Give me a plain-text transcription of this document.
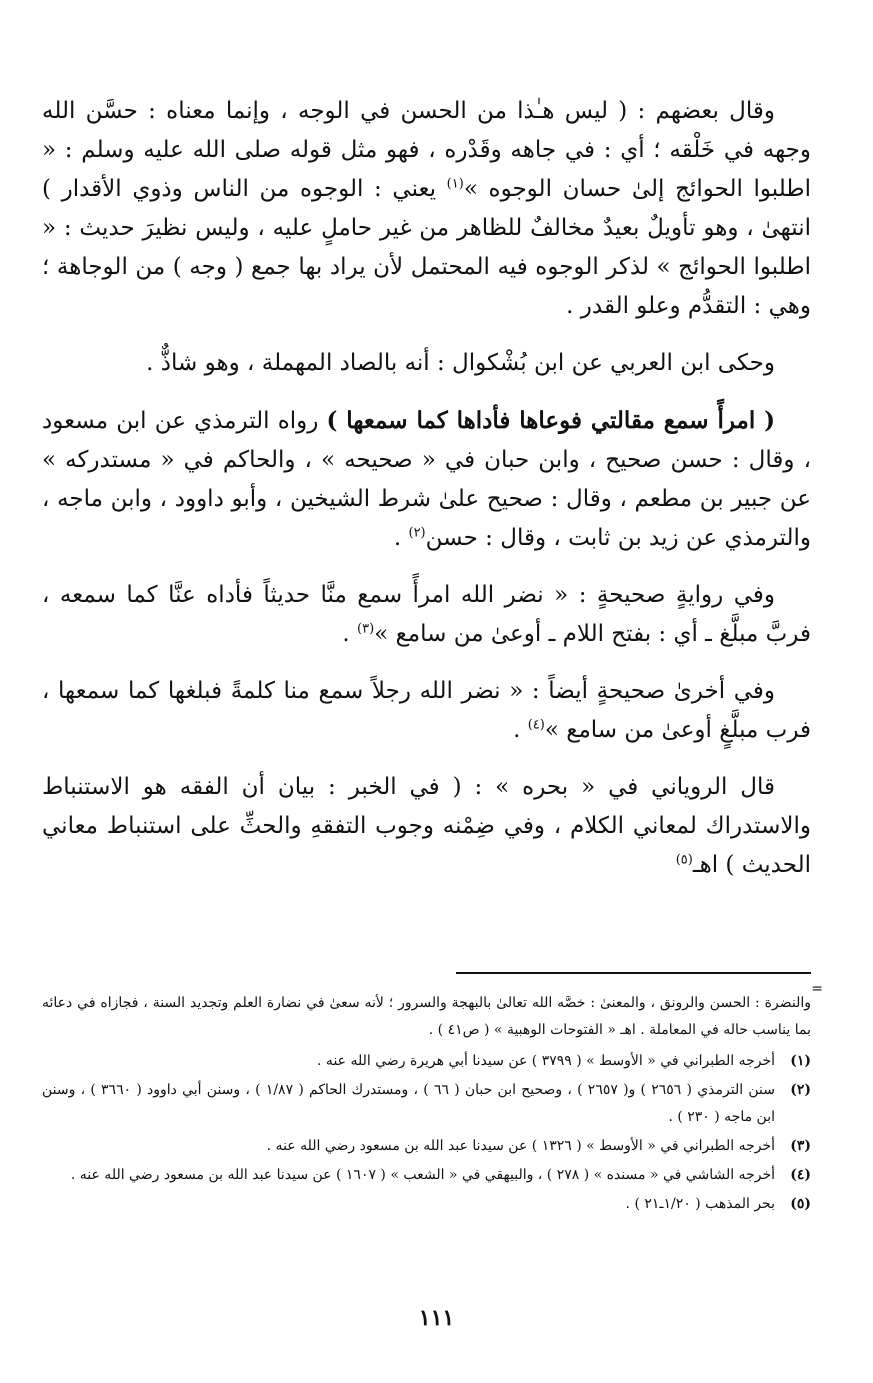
وقال بعضهم : ( ليس هـٰذا من الحسن في الوجه ، وإنما معناه : حسَّن الله وجهه في خَلْقه ؛ أي : في جاهه وقَدْره ، فهو مثل قوله صلى الله عليه وسلم : « اطلبوا الحوائج إلىٰ حسان الوجوه »$^{(١)}$ يعني : الوجوه من الناس وذوي الأقدار ) انتهىٰ ، وهو تأويلٌ بعيدٌ مخالفٌ للظاهر من غير حاملٍ عليه ، وليس نظيرَ حديث : « اطلبوا الحوائج » لذكر الوجوه فيه المحتمل لأن يراد بها جمع ( وجه ) من الوجاهة ؛ وهي : التقدُّم وعلو القدر .

وحكى ابن العربي عن ابن بُشْكوال : أنه بالصاد المهملة ، وهو شاذٌّ .

( امرأً سمع مقالتي فوعاها فأداها كما سمعها ) رواه الترمذي عن ابن مسعود ، وقال : حسن صحيح ، وابن حبان في « صحيحه » ، والحاكم في « مستدركه » عن جبير بن مطعم ، وقال : صحيح علىٰ شرط الشيخين ، وأبو داوود ، وابن ماجه ، والترمذي عن زيد بن ثابت ، وقال : حسن$^{(٢)}$ .

وفي روايةٍ صحيحةٍ : « نضر الله امرأً سمع منَّا حديثاً فأداه عنَّا كما سمعه ، فربَّ مبلَّغ ـ أي : بفتح اللام ـ أوعىٰ من سامع »$^{(٣)}$ .

وفي أخرىٰ صحيحةٍ أيضاً : « نضر الله رجلاً سمع منا كلمةً فبلغها كما سمعها ، فرب مبلَّغٍ أوعىٰ من سامع »$^{(٤)}$ .

قال الروياني في « بحره » : ( في الخبر : بيان أن الفقه هو الاستنباط والاستدراك لمعاني الكلام ، وفي ضِمْنه وجوب التفقهِ والحثِّ على استنباط معاني الحديث ) اهـ$^{(٥)}$

=
والنضرة : الحسن والرونق ، والمعنىٰ : خصَّه الله تعالىٰ بالبهجة والسرور ؛ لأنه سعىٰ في نضارة العلم وتجديد السنة ، فجازاه في دعائه بما يناسب حاله في المعاملة . اهـ « الفتوحات الوهبية » ( ص٤١ ) .
(١)
أخرجه الطبراني في « الأوسط » ( ٣٧٩٩ ) عن سيدنا أبي هريرة رضي الله عنه .
(٢)
سنن الترمذي ( ٢٦٥٦ ) و( ٢٦٥٧ ) ، وصحيح ابن حبان ( ٦٦ ) ، ومستدرك الحاكم ( ١/٨٧ ) ، وسنن أبي داوود ( ٣٦٦٠ ) ، وسنن ابن ماجه ( ٢٣٠ ) .
(٣)
أخرجه الطبراني في « الأوسط » ( ١٣٢٦ ) عن سيدنا عبد الله بن مسعود رضي الله عنه .
(٤)
أخرجه الشاشي في « مسنده » ( ٢٧٨ ) ، والبيهقي في « الشعب » ( ١٦٠٧ ) عن سيدنا عبد الله بن مسعود رضي الله عنه .
(٥)
بحر المذهب ( ١/٢٠ـ٢١ ) .
١١١
